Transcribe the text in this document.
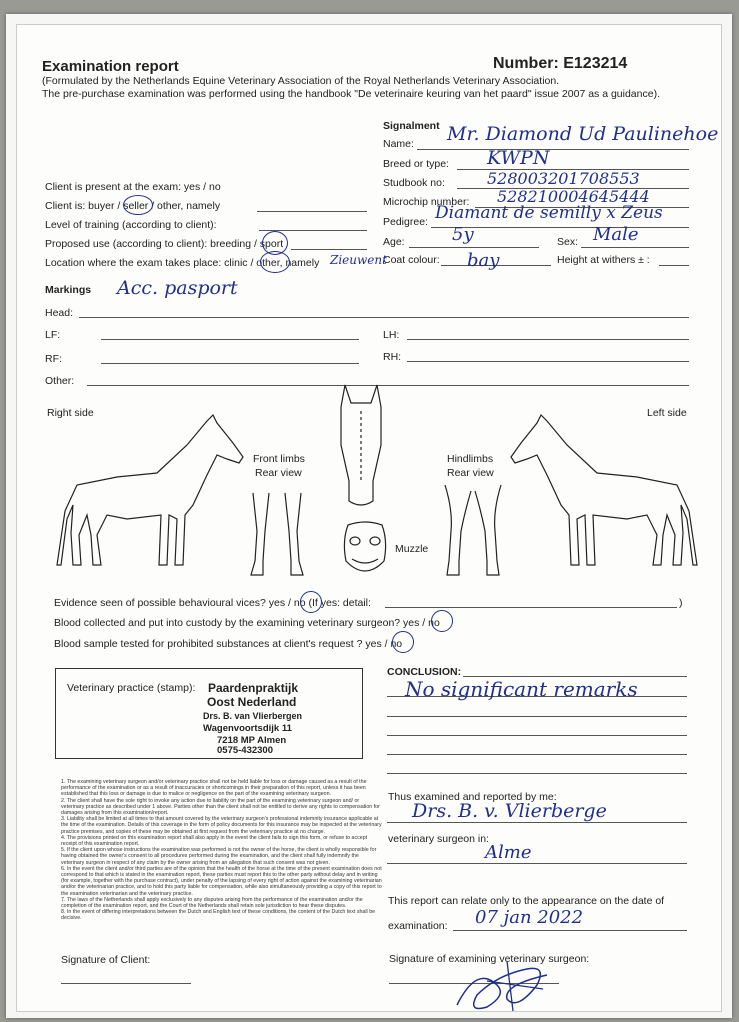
Examination report	Number: E123214
(Formulated by the Netherlands Equine Veterinary Association of the Royal Netherlands Veterinary Association.
The pre-purchase examination was performed using the handbook "De veterinaire keuring van het paard" issue 2007 as a guidance).
Signalment
Name: Mr. Diamond Ud Paulinehoe
Breed or type: KWPN
Studbook no:	528003201708553
Microchip number: 528210004645444
Pedigree: Diamant de semilly x Zeus
Age:	5y	Sex: Male
Coat colour: bay	Height at withers ± :
Client is present at the exam: yes / no
Client is: buyer / seller / other, namely
Level of training (according to client):
Proposed use (according to client): breeding / sport
Location where the exam takes place: clinic / other, namely Zieuwent
Markings Acc. pasport
Head:
LF:	LH:
RF:	RH:
Other:
Right side	Left side
Front limbs
Rear view
Hindlimbs
Rear view
Muzzle
Evidence seen of possible behavioural vices? yes / no (If yes: detail:	)
Blood collected and put into custody by the examining veterinary surgeon? yes / no
Blood sample tested for prohibited substances at client's request ? yes / no
Veterinary practice (stamp): Paardenpraktijk
Oost Nederland
Drs. B. van Vlierbergen
Wagenvoortsdijk 11
7218 MP Almen
0575-432300
CONCLUSION:
No significant remarks

1. The examining veterinary surgeon and/or veterinary practice shall not be held liable for loss or damage caused as a result of the performance of the examination or as a result of inaccuracies or shortcomings in their preparation of this report, unless it has been established that this loss or damage is due to malice or negligence on the part of the examining veterinary surgeon.

2. The client shall have the sole right to invoke any action due to liability on the part of the examining veterinary surgeon and/ or veterinary practice as described under 1 above. Parties other than the client shall not be entitled to derive any rights to compensation for damages arising from this examination/report.

3. Liability shall be limited at all times to that amount covered by the veterinary surgeon's professional indemnity insurance applicable at the time of the examination. Details of this coverage in the form of policy documents for this insurance may be inspected at the veterinary practice premises, and copies of these may be obtained at first request from the veterinary practice at no charge.

4. The provisions printed on this examination report shall also apply in the event the client fails to sign this form, or refuse to accept receipt of this examination report.

5. If the client upon whose instructions the examination was performed is not the owner of the horse, the client is wholly responsible for having obtained the owner's consent to all procedures performed during the examination, and the client shall fully indemnify the veterinary surgeon in respect of any claim by the owner arising from an allegation that such consent was not given.

6. In the event the client and/or third parties are of the opinion that the health of the horse at the time of the present examination does not correspond to that which is stated in the examination report, these parties must report this to the other party without delay and in writing (for example, together with the purchase contract), under penalty of the lapsing of every right of action against the examining veterinarian and/or the veterinarian practice, and to hold this party liable for compensation, while also simultaneously providing a copy of this report to the examination veterinarian and the veterinary practice.

7. The laws of the Netherlands shall apply exclusively to any disputes arising from the performance of the examination and/or the completion of the examination report, and the Court of the Netherlands shall retain sole jurisdiction to hear these disputes.

8. In the event of differing interpretations between the Dutch and English text of these conditions, the content of the Dutch text shall be decisive.

Thus examined and reported by me:
Drs. B. v. Vlierberge
veterinary surgeon in:
Alme
This report can relate only to the appearance on the date of
examination: 07 jan 2022
Signature of examining veterinary surgeon:
Signature of Client:
